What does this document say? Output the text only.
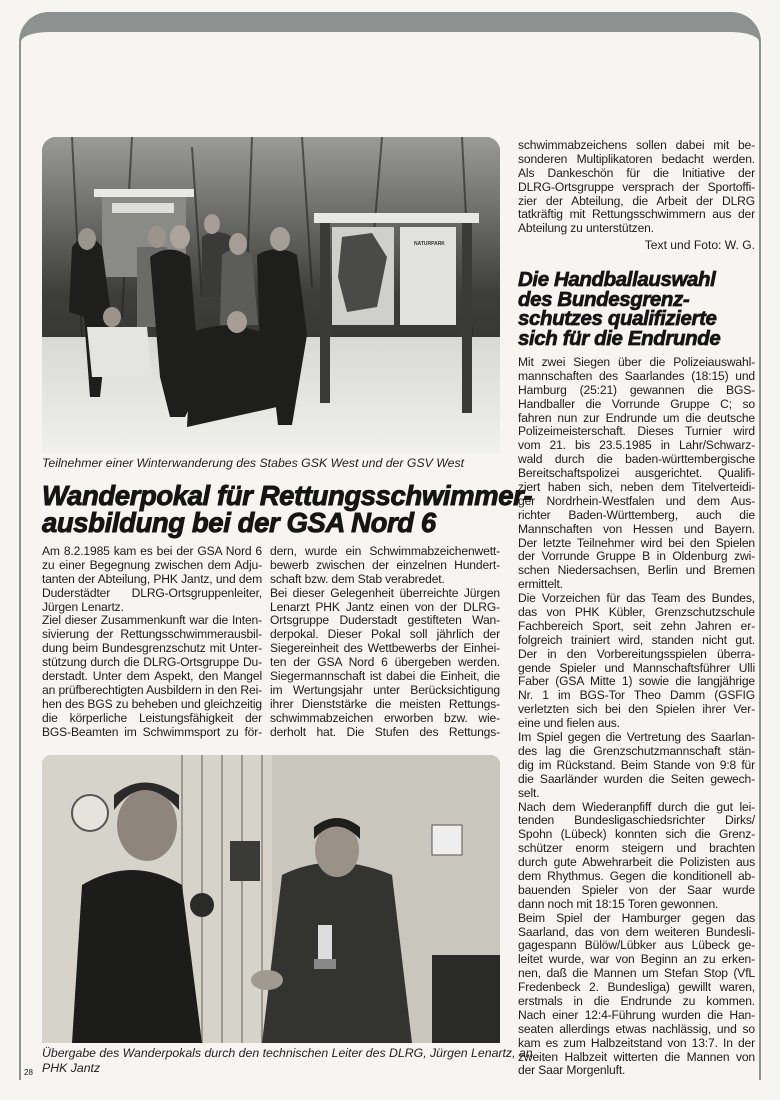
NATURPARK
Teilnehmer einer Winterwanderung des Stabes GSK West und der GSV West
Wanderpokal für Rettungsschwimmer-
ausbildung bei der GSA Nord 6
Am 8.2.1985 kam es bei der GSA Nord 6
zu einer Begegnung zwischen dem Adju-
tanten der Abteilung, PHK Jantz, und dem
Duderstädter DLRG-Ortsgruppenleiter,
Jürgen Lenartz.
Ziel dieser Zusammenkunft war die Inten-
sivierung der Rettungsschwimmerausbil-
dung beim Bundesgrenzschutz mit Unter-
stützung durch die DLRG-Ortsgruppe Du-
derstadt. Unter dem Aspekt, den Mangel
an prüfberechtigten Ausbildern in den Rei-
hen des BGS zu beheben und gleichzeitig
die körperliche Leistungsfähigkeit der
BGS-Beamten im Schwimmsport zu för-
dern, wurde ein Schwimmabzeichenwett-
bewerb zwischen der einzelnen Hundert-
schaft bzw. dem Stab verabredet.
Bei dieser Gelegenheit überreichte Jürgen
Lenarzt PHK Jantz einen von der DLRG-
Ortsgruppe Duderstadt gestifteten Wan-
derpokal. Dieser Pokal soll jährlich der
Siegereinheit des Wettbewerbs der Einhei-
ten der GSA Nord 6 übergeben werden.
Siegermannschaft ist dabei die Einheit, die
im Wertungsjahr unter Berücksichtigung
ihrer Dienststärke die meisten Rettungs-
schwimmabzeichen erworben bzw. wie-
derholt hat. Die Stufen des Rettungs-
schwimmabzeichens sollen dabei mit be-
sonderen Multiplikatoren bedacht werden.
Als Dankeschön für die Initiative der
DLRG-Ortsgruppe versprach der Sportoffi-
zier der Abteilung, die Arbeit der DLRG
tatkräftig mit Rettungsschwimmern aus der
Abteilung zu unterstützen.
Text und Foto: W. G.
Die Handballauswahl
des Bundesgrenz-
schutzes qualifizierte
sich für die Endrunde
Mit zwei Siegen über die Polizeiauswahl-
mannschaften des Saarlandes (18:15) und
Hamburg (25:21) gewannen die BGS-
Handballer die Vorrunde Gruppe C; so
fahren nun zur Endrunde um die deutsche
Polizeimeisterschaft. Dieses Turnier wird
vom 21. bis 23.5.1985 in Lahr/Schwarz-
wald durch die baden-württembergische
Bereitschaftspolizei ausgerichtet. Qualifi-
ziert haben sich, neben dem Titelverteidi-
ger Nordrhein-Westfalen und dem Aus-
richter Baden-Württemberg, auch die
Mannschaften von Hessen und Bayern.
Der letzte Teilnehmer wird bei den Spielen
der Vorrunde Gruppe B in Oldenburg zwi-
schen Niedersachsen, Berlin und Bremen
ermittelt.
Die Vorzeichen für das Team des Bundes,
das von PHK Kübler, Grenzschutzschule
Fachbereich Sport, seit zehn Jahren er-
folgreich trainiert wird, standen nicht gut.
Der in den Vorbereitungsspielen überra-
gende Spieler und Mannschaftsführer Ulli
Faber (GSA Mitte 1) sowie die langjährige
Nr. 1 im BGS-Tor Theo Damm (GSFIG
verletzten sich bei den Spielen ihrer Ver-
eine und fielen aus.
Im Spiel gegen die Vertretung des Saarlan-
des lag die Grenzschutzmannschaft stän-
dig im Rückstand. Beim Stande von 9:8 für
die Saarländer wurden die Seiten gewech-
selt.
Nach dem Wiederanpfiff durch die gut lei-
tenden Bundesligaschiedsrichter Dirks/
Spohn (Lübeck) konnten sich die Grenz-
schützer enorm steigern und brachten
durch gute Abwehrarbeit die Polizisten aus
dem Rhythmus. Gegen die konditionell ab-
bauenden Spieler von der Saar wurde
dann noch mit 18:15 Toren gewonnen.
Beim Spiel der Hamburger gegen das
Saarland, das von dem weiteren Bundesli-
gagespann Bülöw/Lübker aus Lübeck ge-
leitet wurde, war von Beginn an zu erken-
nen, daß die Mannen um Stefan Stop (VfL
Fredenbeck 2. Bundesliga) gewillt waren,
erstmals in die Endrunde zu kommen.
Nach einer 12:4-Führung wurden die Han-
seaten allerdings etwas nachlässig, und so
kam es zum Halbzeitstand von 13:7. In der
zweiten Halbzeit witterten die Mannen von
der Saar Morgenluft.
Übergabe des Wanderpokals durch den technischen Leiter des DLRG, Jürgen Lenartz, an
PHK Jantz
28
